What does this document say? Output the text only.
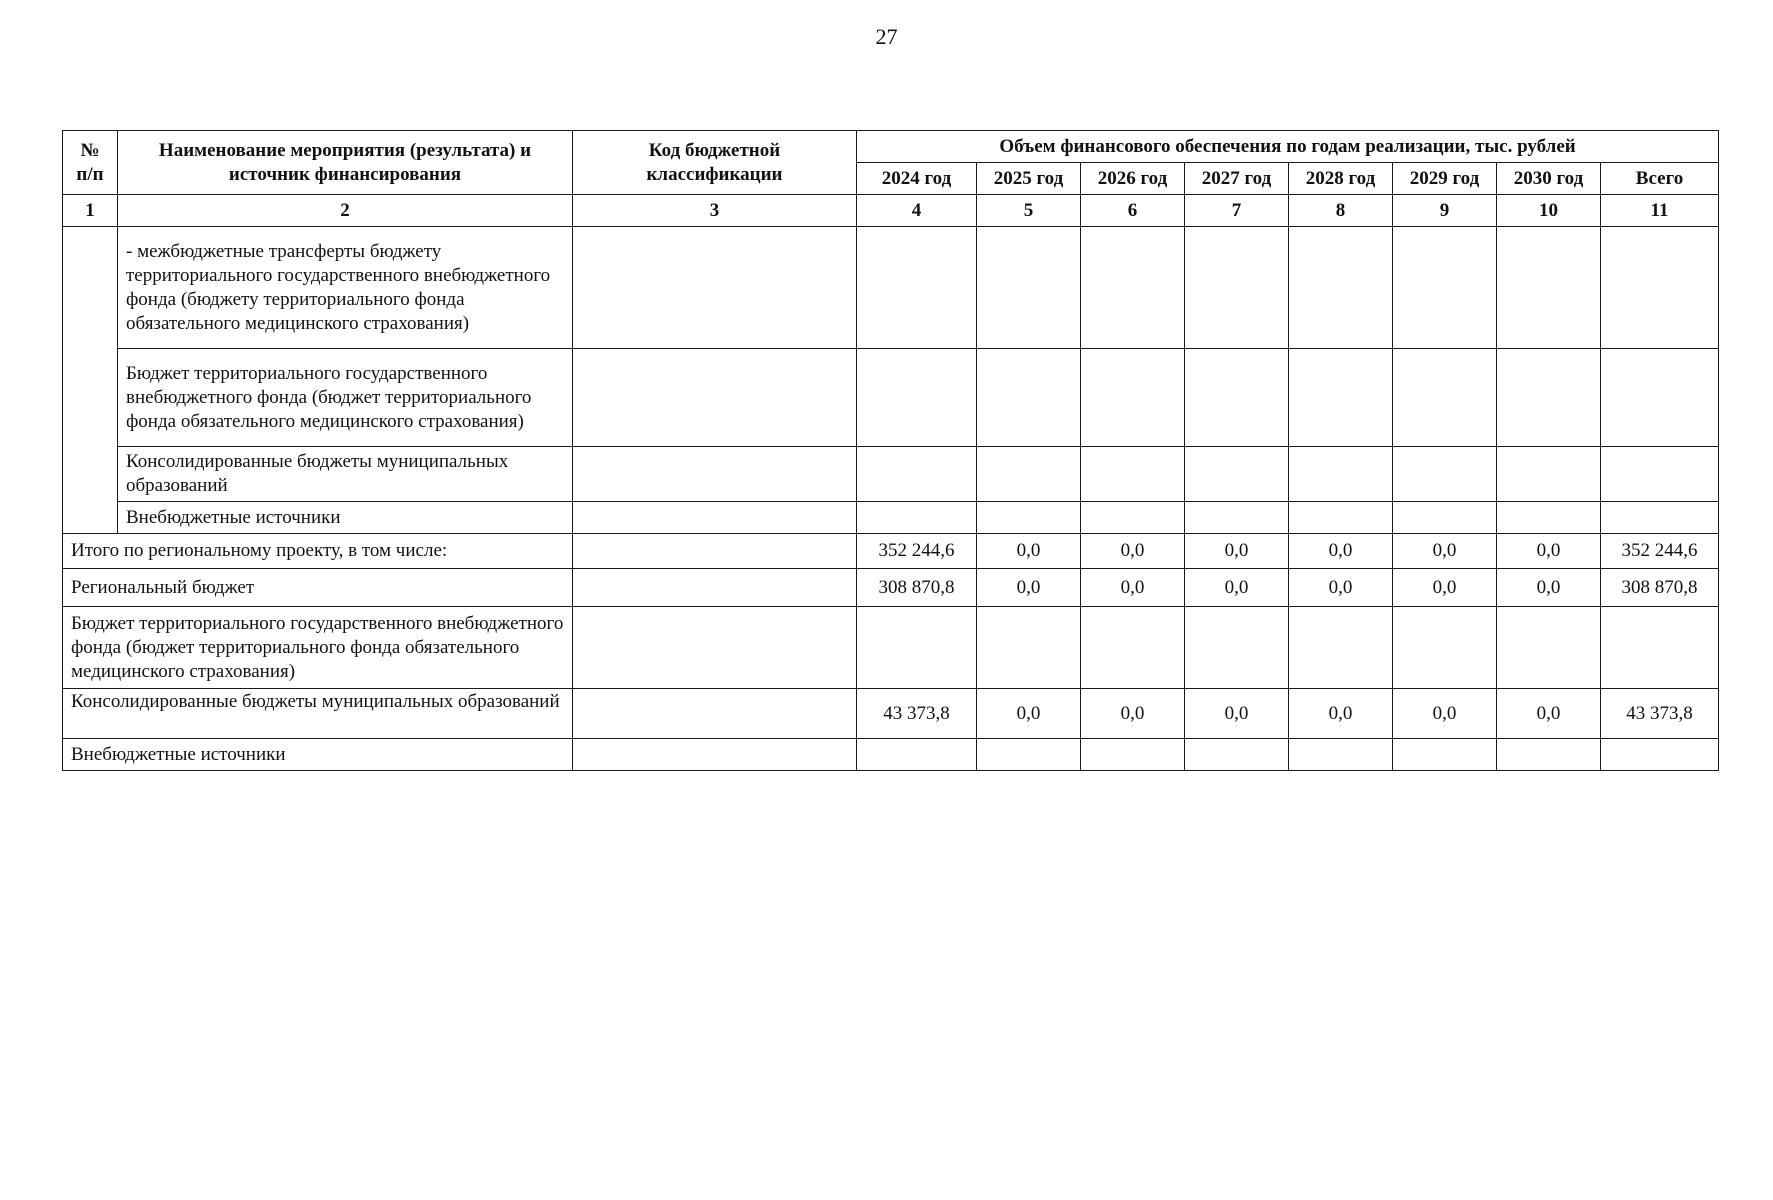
27
№ п/п	Наименование мероприятия (результата) и источник финансирования	Код бюджетной классификации	Объем финансового обеспечения по годам реализации, тыс. рублей							
			2024 год	2025 год	2026 год	2027 год	2028 год	2029 год	2030 год	Всего
1	2	3	4	5	6	7	8	9	10	11
	- межбюджетные трансферты бюджету территориального государственного внебюджетного фонда (бюджету территориального фонда обязательного медицинского страхования)									
	Бюджет территориального государственного внебюджетного фонда (бюджет территориального фонда обязательного медицинского страхования)									
	Консолидированные бюджеты муниципальных образований									
	Внебюджетные источники									
Итого по региональному проекту, в том числе:			352 244,6	0,0	0,0	0,0	0,0	0,0	0,0	352 244,6
Региональный бюджет			308 870,8	0,0	0,0	0,0	0,0	0,0	0,0	308 870,8
Бюджет территориального государственного внебюджетного фонда (бюджет территориального фонда обязательного медицинского страхования)										
Консолидированные бюджеты муниципальных образований			43 373,8	0,0	0,0	0,0	0,0	0,0	0,0	43 373,8
Внебюджетные источники										
